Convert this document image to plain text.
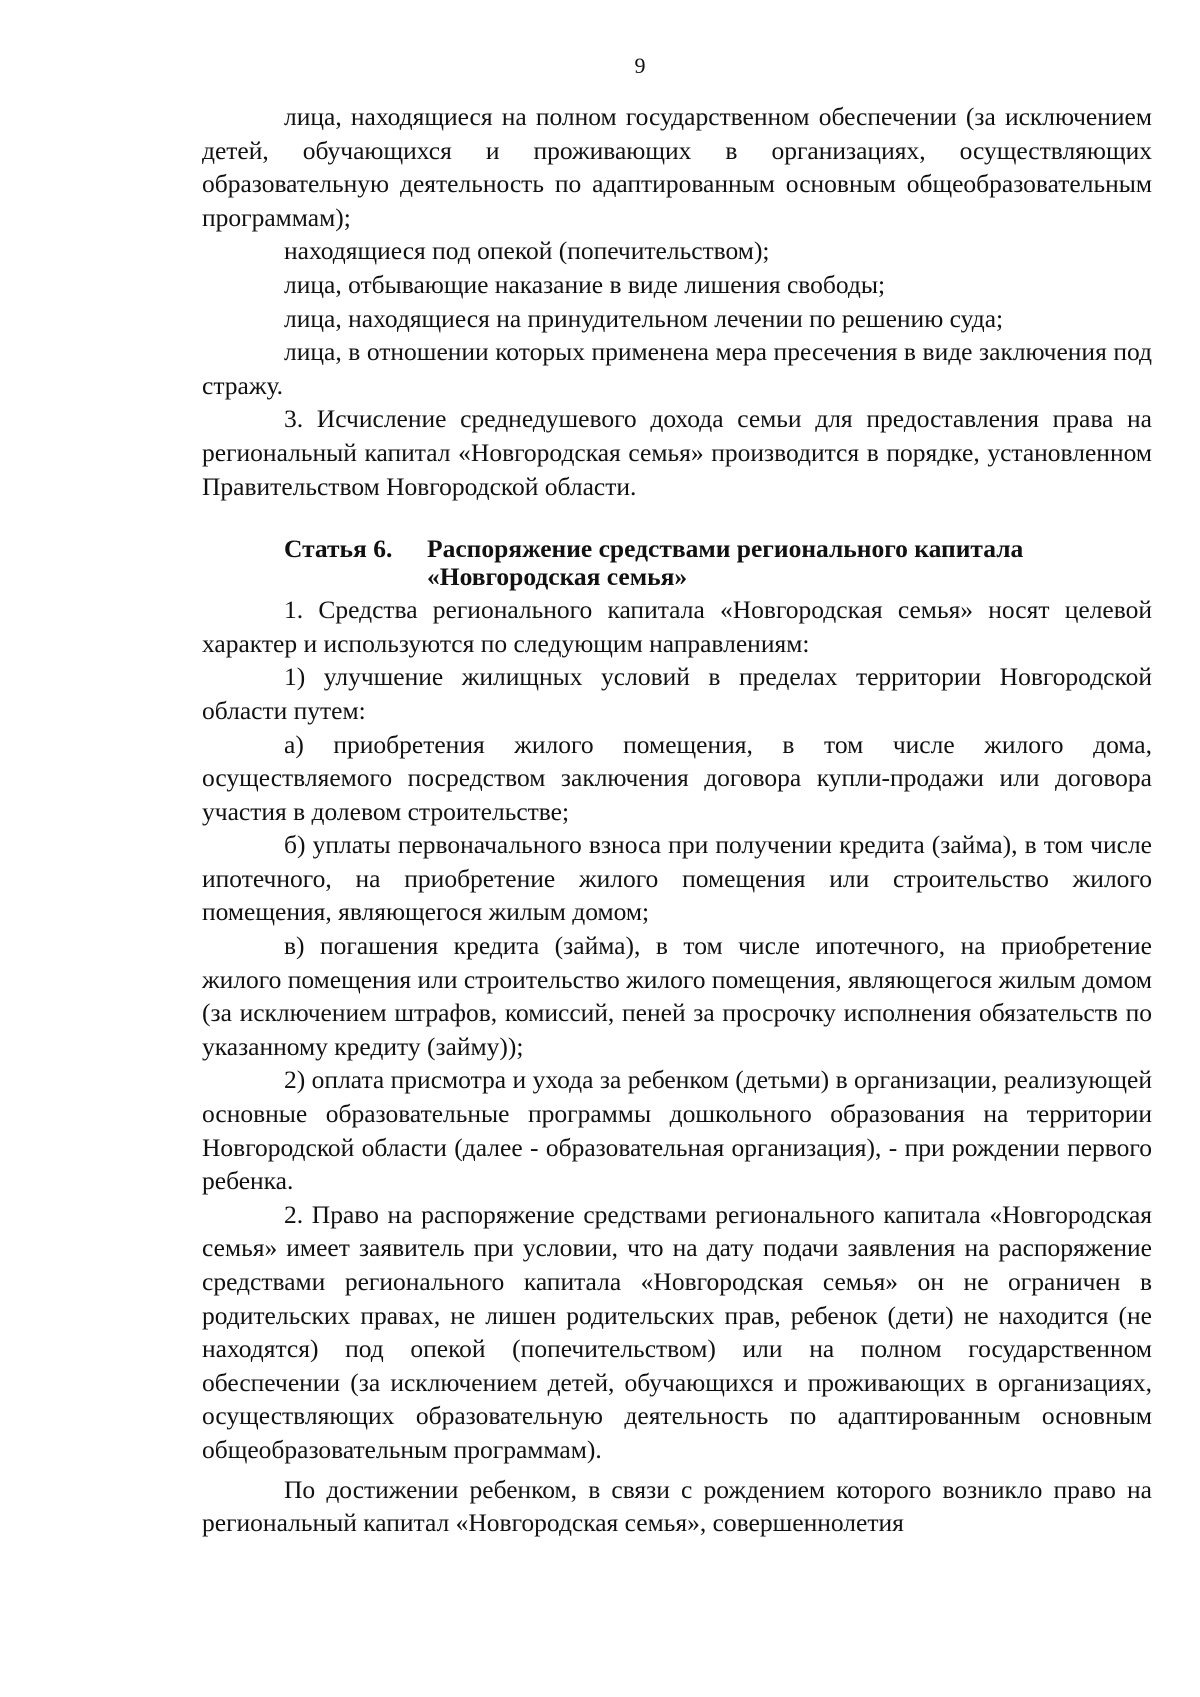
9

лица, находящиеся на полном государственном обеспечении (за исключением детей, обучающихся и проживающих в организациях, осуществляющих образовательную деятельность по адаптированным основным общеобразовательным программам);

находящиеся под опекой (попечительством);

лица, отбывающие наказание в виде лишения свободы;

лица, находящиеся на принудительном лечении по решению суда;

лица, в отношении которых применена мера пресечения в виде заключения под стражу.

3. Исчисление среднедушевого дохода семьи для предоставления права на региональный капитал «Новгородская семья» производится в порядке, установленном Правительством Новгородской области.

Статья 6.	Распоряжение средствами регионального капитала «Новгородская семья»

1. Средства регионального капитала «Новгородская семья» носят целевой характер и используются по следующим направлениям:

1) улучшение жилищных условий в пределах территории Новгородской области путем:

а) приобретения жилого помещения, в том числе жилого дома, осуществляемого посредством заключения договора купли-продажи или договора участия в долевом строительстве;

б) уплаты первоначального взноса при получении кредита (займа), в том числе ипотечного, на приобретение жилого помещения или строительство жилого помещения, являющегося жилым домом;

в) погашения кредита (займа), в том числе ипотечного, на приобретение жилого помещения или строительство жилого помещения, являющегося жилым домом (за исключением штрафов, комиссий, пеней за просрочку исполнения обязательств по указанному кредиту (займу));

2) оплата присмотра и ухода за ребенком (детьми) в организации, реализующей основные образовательные программы дошкольного образования на территории Новгородской области (далее - образовательная организация), - при рождении первого ребенка.

2. Право на распоряжение средствами регионального капитала «Новгородская семья» имеет заявитель при условии, что на дату подачи заявления на распоряжение средствами регионального капитала «Новгородская семья» он не ограничен в родительских правах, не лишен родительских прав, ребенок (дети) не находится (не находятся) под опекой (попечительством) или на полном государственном обеспечении (за исключением детей, обучающихся и проживающих в организациях, осуществляющих образовательную деятельность по адаптированным основным общеобразовательным программам).

По достижении ребенком, в связи с рождением которого возникло право на региональный капитал «Новгородская семья», совершеннолетия
